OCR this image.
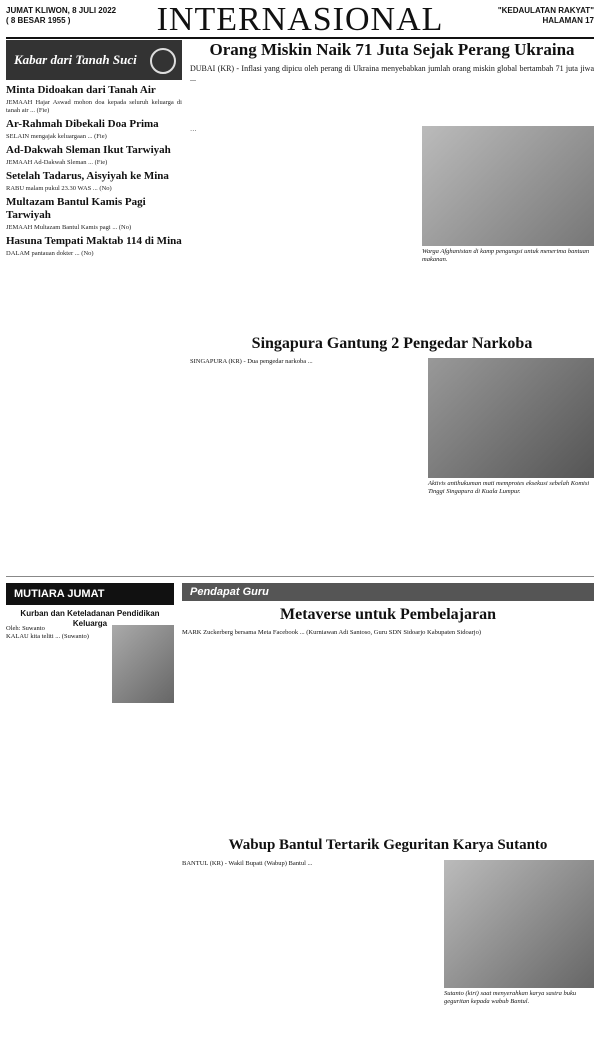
JUMAT KLIWON, 8 JULI 2022
( 8 BESAR 1955 )	INTERNASIONAL	"KEDAULATAN RAKYAT"
HALAMAN 17
Kabar dari Tanah Suci
Minta Didoakan dari Tanah Air
JEMAAH Hajar Aswad mohon doa kepada seluruh keluarga di tanah air ... (Fie)
Ar-Rahmah Dibekali Doa Prima
SELAIN mengajak keluargaan ... (Fie)
Ad-Dakwah Sleman Ikut Tarwiyah
JEMAAH Ad-Dakwah Sleman ... (Fie)
Setelah Tadarus, Aisyiyah ke Mina
RABU malam pukul 23.30 WAS ... (No)
Multazam Bantul Kamis Pagi Tarwiyah
JEMAAH Multazam Bantul Kamis pagi ... (No)
Hasuna Tempati Maktab 114 di Mina
DALAM pantauan dokter ... (No)
Orang Miskin Naik 71 Juta Sejak Perang Ukraina
DUBAI (KR) - Inflasi yang dipicu oleh perang di Ukraina menyebabkan jumlah orang miskin global bertambah 71 juta jiwa ...
…
Warga Afghanistan di kamp pengungsi untuk menerima bantuan makanan.
Singapura Gantung 2 Pengedar Narkoba
SINGAPURA (KR) - Dua pengedar narkoba ...
Aktivis antihukuman mati memprotes eksekusi sebelah Komisi Tinggi Singapura di Kuala Lumpur.
MUTIARA JUMAT
Kurban dan Keteladanan Pendidikan Keluarga
Oleh: Suwanto
KALAU kita teliti ... (Suwanto)
Pendapat Guru
Metaverse untuk Pembelajaran
MARK Zuckerberg bersama Meta Facebook ... (Kurniawan Adi Santoso, Guru SDN Sidoarjo Kabupaten Sidoarjo)
Wabup Bantul Tertarik Geguritan Karya Sutanto
BANTUL (KR) - Wakil Bupati (Wabup) Bantul ...
Sutanto (kiri) saat menyerahkan karya sastra buku geguritan kepada wabub Bantul.
